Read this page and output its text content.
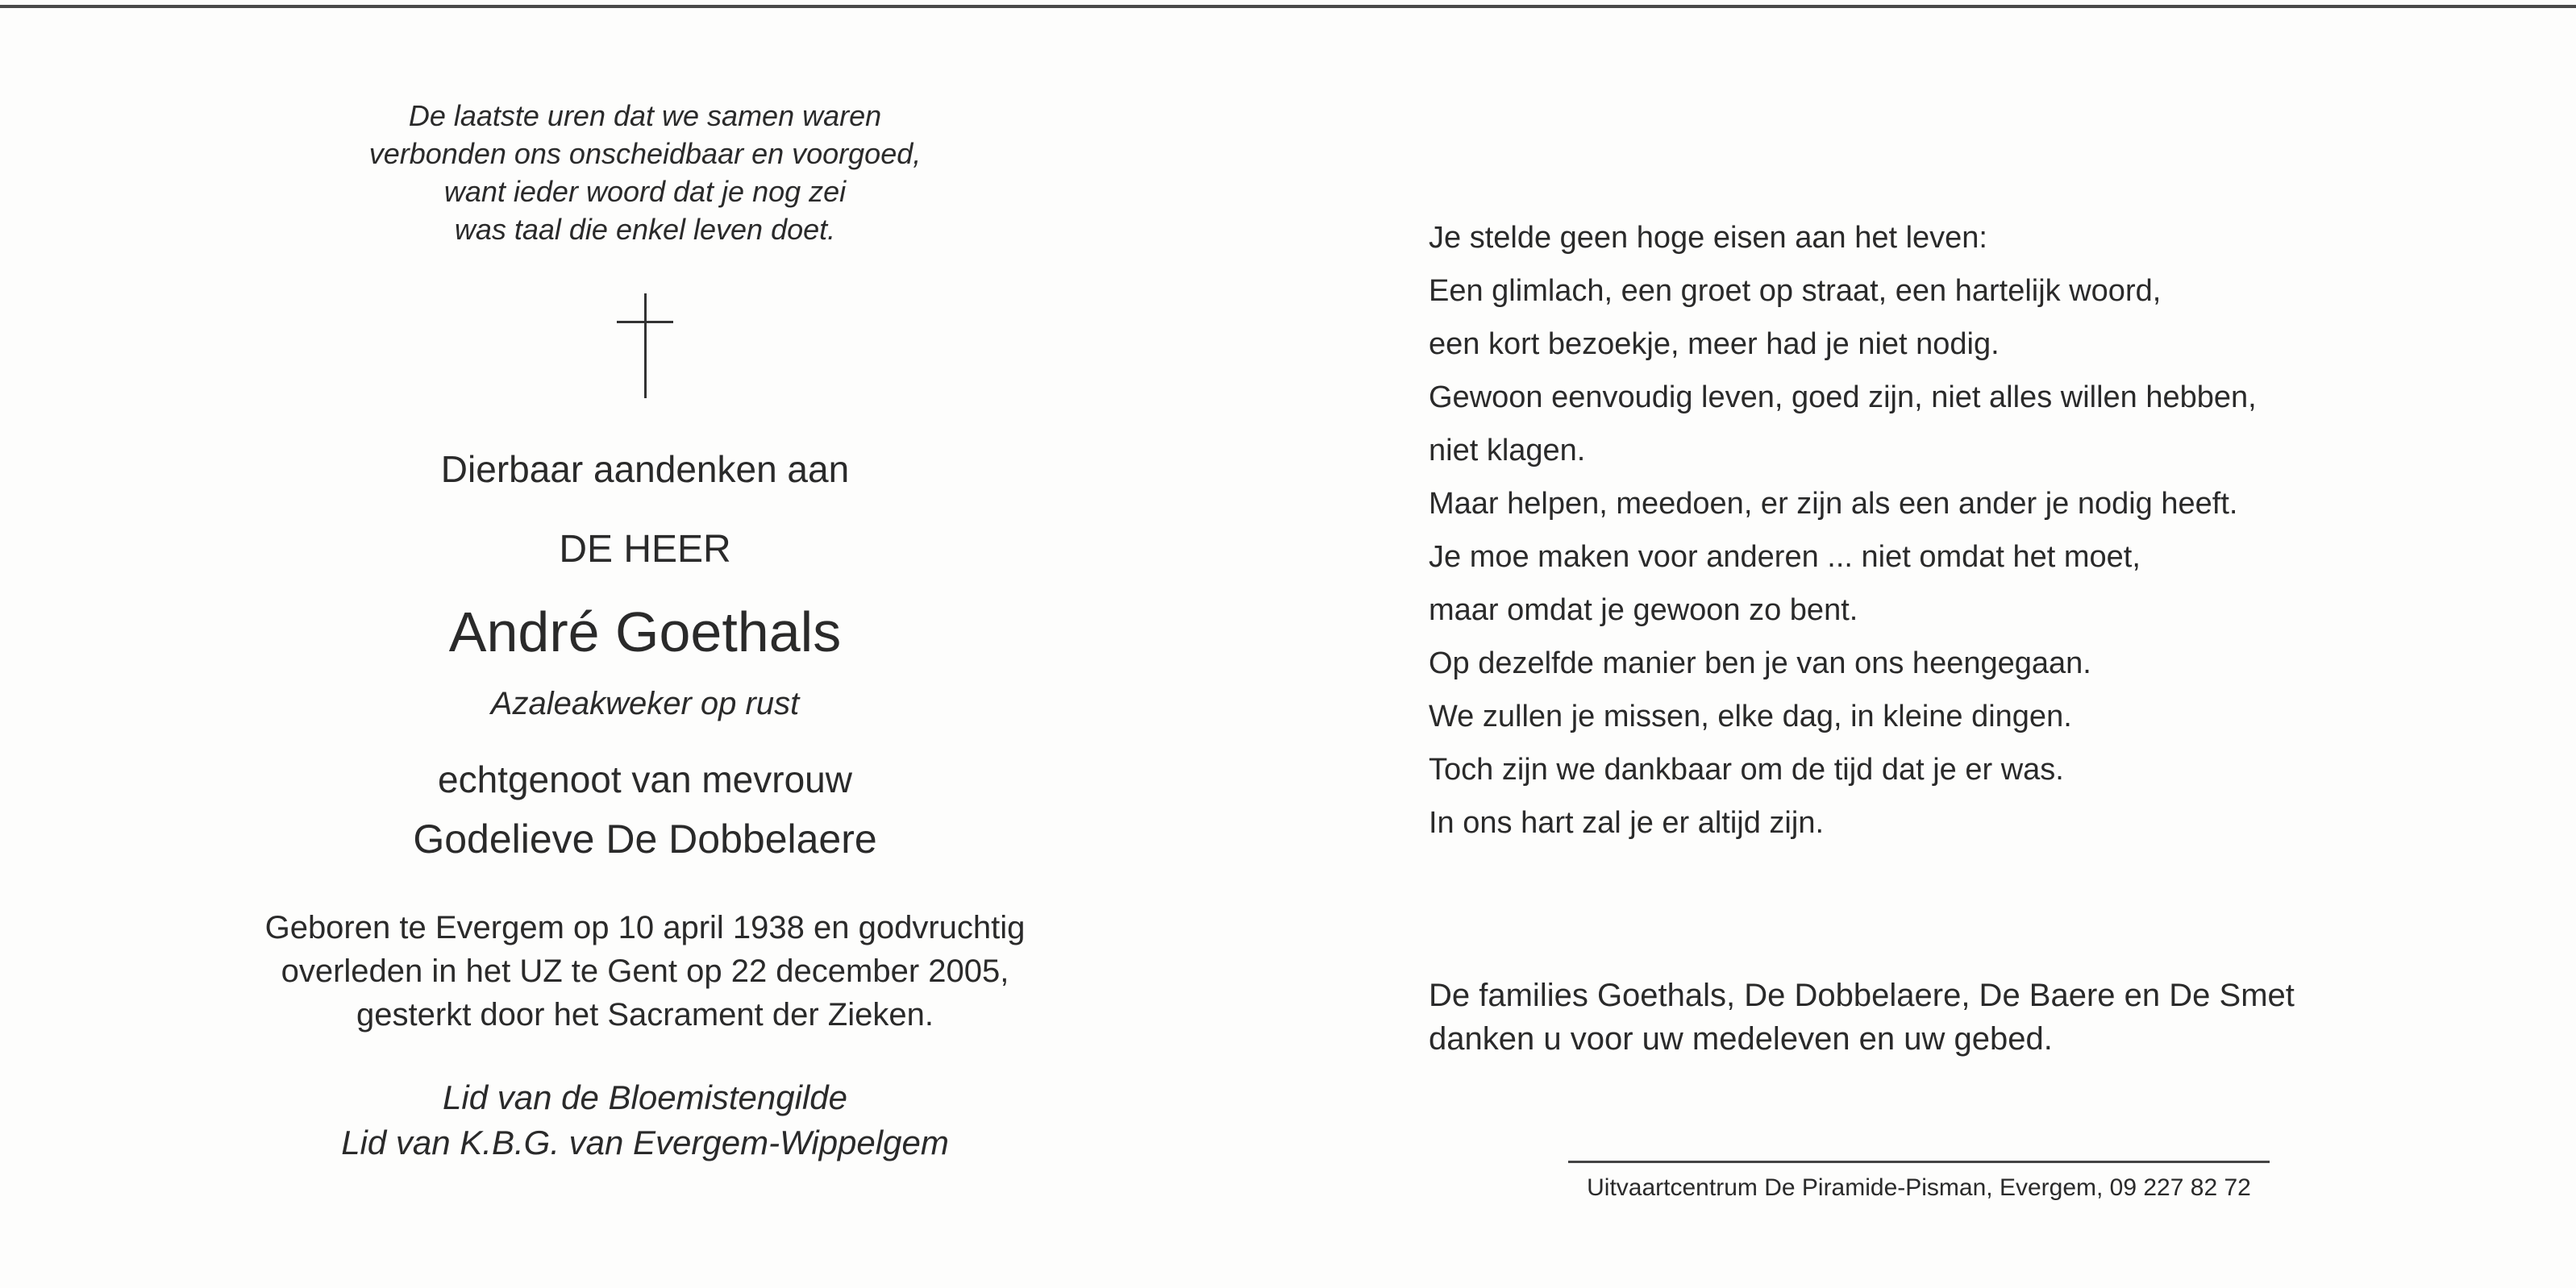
De laatste uren dat we samen waren
verbonden ons onscheidbaar en voorgoed,
want ieder woord dat je nog zei
was taal die enkel leven doet.
Dierbaar aandenken aan
DE HEER
André Goethals
Azaleakweker op rust
echtgenoot van mevrouw
Godelieve De Dobbelaere
Geboren te Evergem op 10 april 1938 en godvruchtig
overleden in het UZ te Gent op 22 december 2005,
gesterkt door het Sacrament der Zieken.
Lid van de Bloemistengilde
Lid van K.B.G. van Evergem-Wippelgem
Je stelde geen hoge eisen aan het leven:
Een glimlach, een groet op straat, een hartelijk woord,
een kort bezoekje, meer had je niet nodig.
Gewoon eenvoudig leven, goed zijn, niet alles willen hebben,
niet klagen.
Maar helpen, meedoen, er zijn als een ander je nodig heeft.
Je moe maken voor anderen ... niet omdat het moet,
maar omdat je gewoon zo bent.
Op dezelfde manier ben je van ons heengegaan.
We zullen je missen, elke dag, in kleine dingen.
Toch zijn we dankbaar om de tijd dat je er was.
In ons hart zal je er altijd zijn.
De families Goethals, De Dobbelaere, De Baere en De Smet
danken u voor uw medeleven en uw gebed.
Uitvaartcentrum De Piramide-Pisman, Evergem, 09 227 82 72
